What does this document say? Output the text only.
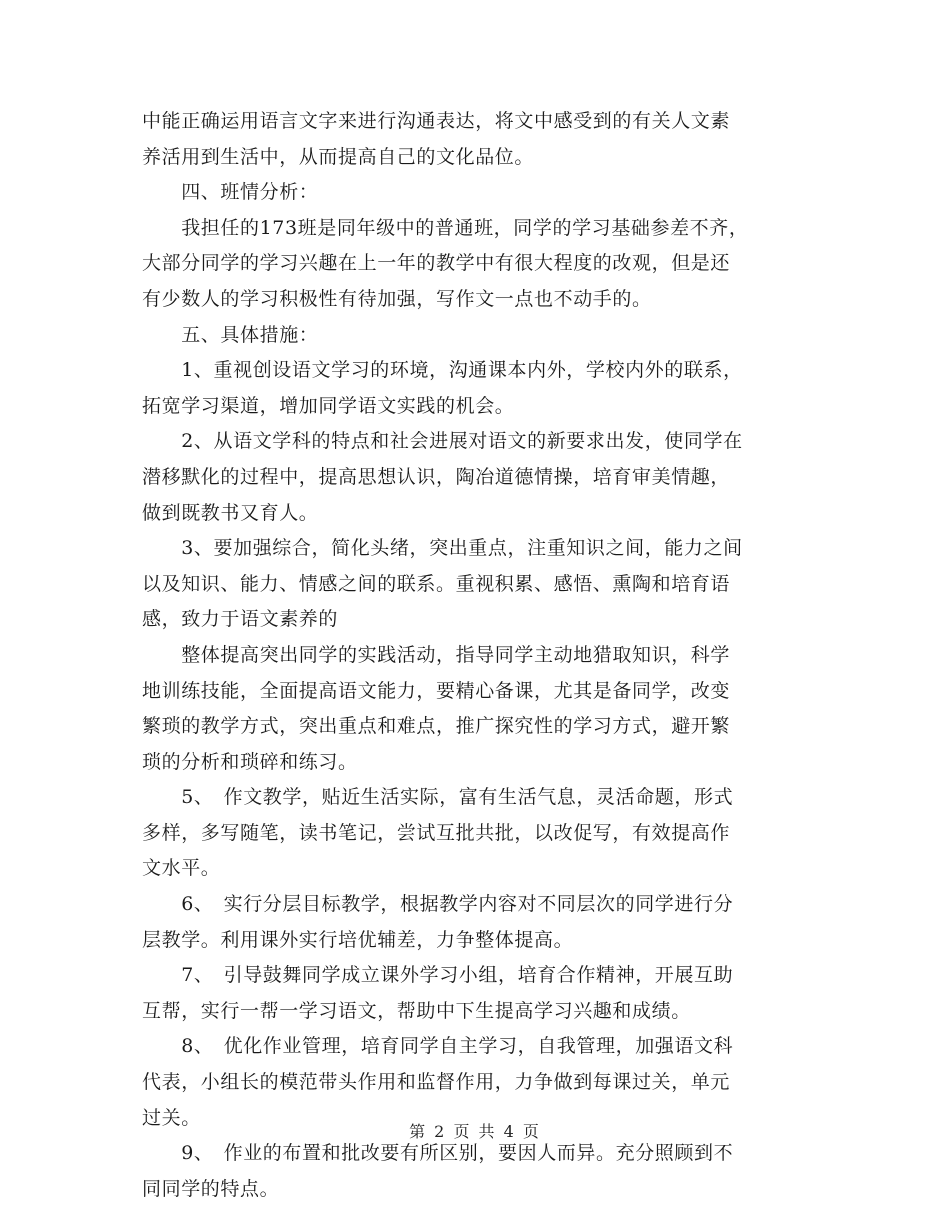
中能正确运用语言文字来进行沟通表达，将文中感受到的有关人文素
养活用到生活中，从而提高自己的文化品位。
　　四、班情分析：
　　我担任的173班是同年级中的普通班，同学的学习基础参差不齐，
大部分同学的学习兴趣在上一年的教学中有很大程度的改观，但是还
有少数人的学习积极性有待加强，写作文一点也不动手的。
　　五、具体措施：
　　1、重视创设语文学习的环境，沟通课本内外，学校内外的联系，
拓宽学习渠道，增加同学语文实践的机会。
　　2、从语文学科的特点和社会进展对语文的新要求出发，使同学在
潜移默化的过程中，提高思想认识，陶冶道德情操，培育审美情趣，
做到既教书又育人。
　　3、要加强综合，简化头绪，突出重点，注重知识之间，能力之间
以及知识、能力、情感之间的联系。重视积累、感悟、熏陶和培育语
感，致力于语文素养的
　　整体提高突出同学的实践活动，指导同学主动地猎取知识，科学
地训练技能，全面提高语文能力，要精心备课，尤其是备同学，改变
繁琐的教学方式，突出重点和难点，推广探究性的学习方式，避开繁
琐的分析和琐碎和练习。
　　5、　作文教学，贴近生活实际，富有生活气息，灵活命题，形式
多样，多写随笔，读书笔记，尝试互批共批，以改促写，有效提高作
文水平。
　　6、　实行分层目标教学，根据教学内容对不同层次的同学进行分
层教学。利用课外实行培优辅差，力争整体提高。
　　7、　引导鼓舞同学成立课外学习小组，培育合作精神，开展互助
互帮，实行一帮一学习语文，帮助中下生提高学习兴趣和成绩。
　　8、　优化作业管理，培育同学自主学习，自我管理，加强语文科
代表，小组长的模范带头作用和监督作用，力争做到每课过关，单元
过关。
　　9、　作业的布置和批改要有所区别，要因人而异。充分照顾到不
同同学的特点。
第 2 页 共 4 页
